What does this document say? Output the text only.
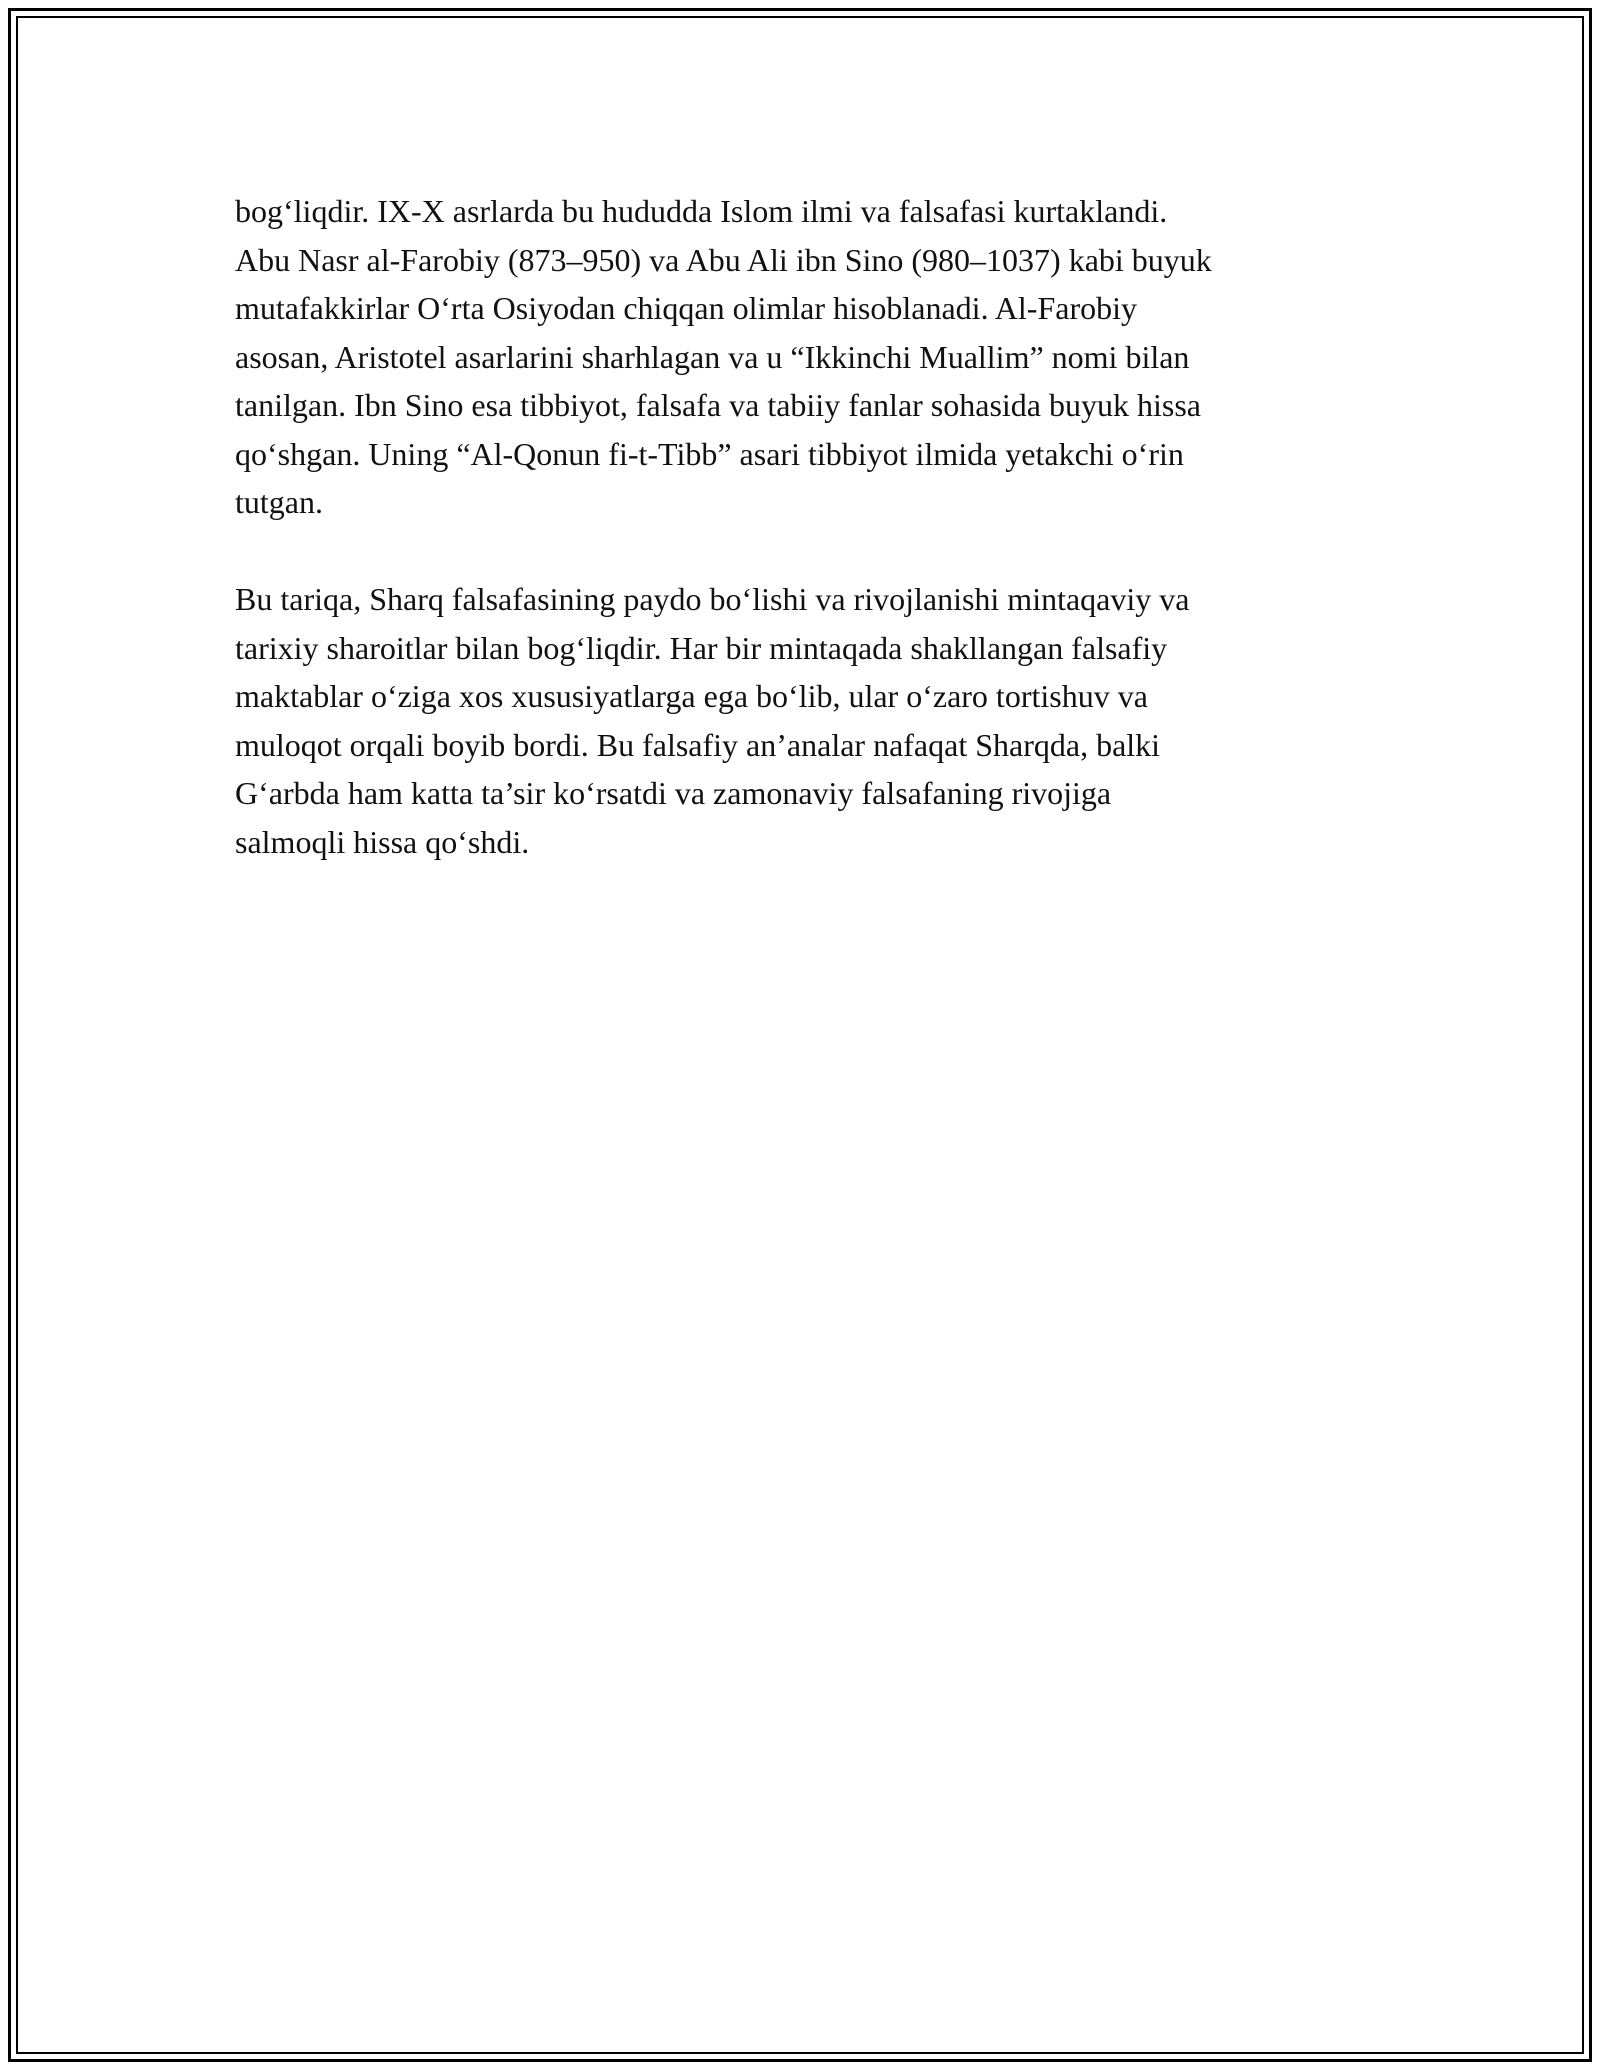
bog‘liqdir. IX-X asrlarda bu hududda Islom ilmi va falsafasi kurtaklandi.
Abu Nasr al-Farobiy (873–950) va Abu Ali ibn Sino (980–1037) kabi buyuk
mutafakkirlar O‘rta Osiyodan chiqqan olimlar hisoblanadi. Al-Farobiy
asosan, Aristotel asarlarini sharhlagan va u “Ikkinchi Muallim” nomi bilan
tanilgan. Ibn Sino esa tibbiyot, falsafa va tabiiy fanlar sohasida buyuk hissa
qo‘shgan. Uning “Al-Qonun fi-t-Tibb” asari tibbiyot ilmida yetakchi o‘rin
tutgan.

Bu tariqa, Sharq falsafasining paydo bo‘lishi va rivojlanishi mintaqaviy va
tarixiy sharoitlar bilan bog‘liqdir. Har bir mintaqada shakllangan falsafiy
maktablar o‘ziga xos xususiyatlarga ega bo‘lib, ular o‘zaro tortishuv va
muloqot orqali boyib bordi. Bu falsafiy an’analar nafaqat Sharqda, balki
G‘arbda ham katta ta’sir ko‘rsatdi va zamonaviy falsafaning rivojiga
salmoqli hissa qo‘shdi.
